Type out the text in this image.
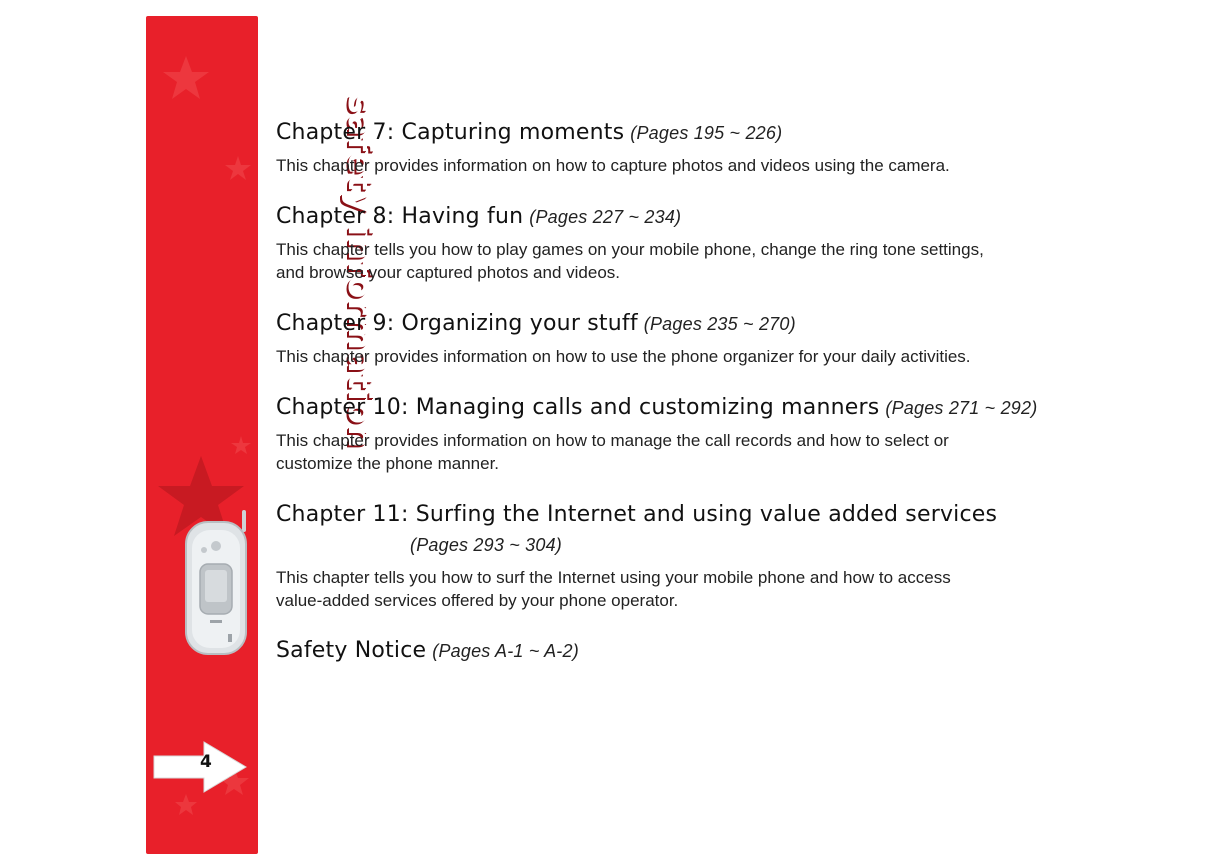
safety information
4
Chapter 7: Capturing moments (Pages 195 ~ 226)

This chapter provides information on how to capture photos and videos using the camera.

Chapter 8: Having fun (Pages 227 ~ 234)

This chapter tells you how to play games on your mobile phone, change the ring tone settings, and browse your captured photos and videos.

Chapter 9: Organizing your stuff (Pages 235 ~ 270)

This chapter provides information on how to use the phone organizer for your daily activities.

Chapter 10: Managing calls and customizing manners (Pages 271 ~ 292)

This chapter provides information on how to manage the call records and how to select or customize the phone manner.

Chapter 11: Surfing the Internet and using value added services
(Pages 293 ~ 304)

This chapter tells you how to surf the Internet using your mobile phone and how to access value-added services offered by your phone operator.

Safety Notice (Pages A-1 ~ A-2)
